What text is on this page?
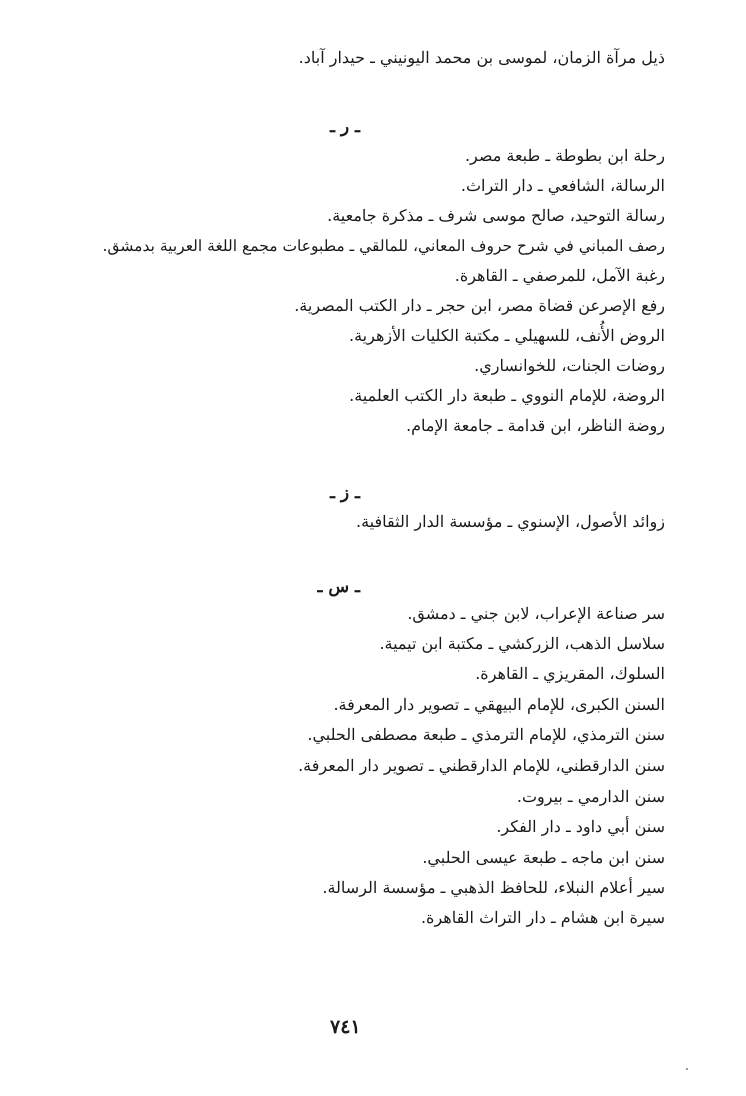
ذيل مرآة الزمان، لموسى بن محمد اليونيني ـ حيدار آباد.
ـ ر ـ
رحلة ابن بطوطة ـ طبعة مصر.
الرسالة، الشافعي ـ دار التراث.
رسالة التوحيد، صالح موسى شرف ـ مذكرة جامعية.
رصف المباني في شرح حروف المعاني، للمالقي ـ مطبوعات مجمع اللغة العربية بدمشق.
رغبة الآمل، للمرصفي ـ القاهرة.
رفع الإصرعن قضاة مصر، ابن حجر ـ دار الكتب المصرية.
الروض الأُنف، للسهيلي ـ مكتبة الكليات الأزهرية.
روضات الجنات، للخوانساري.
الروضة، للإمام النووي ـ طبعة دار الكتب العلمية.
روضة الناظر، ابن قدامة ـ جامعة الإمام.
ـ ز ـ
زوائد الأصول، الإسنوي ـ مؤسسة الدار الثقافية.
ـ س ـ
سر صناعة الإعراب، لابن جني ـ دمشق.
سلاسل الذهب، الزركشي ـ مكتبة ابن تيمية.
السلوك، المقريزي ـ القاهرة.
السنن الكبرى، للإمام البيهقي ـ تصوير دار المعرفة.
سنن الترمذي، للإمام الترمذي ـ طبعة مصطفى الحلبي.
سنن الدارقطني، للإمام الدارقطني ـ تصوير دار المعرفة.
سنن الدارمي ـ بيروت.
سنن أبي داود ـ دار الفكر.
سنن ابن ماجه ـ طبعة عيسى الحلبي.
سير أعلام النبلاء، للحافظ الذهبي ـ مؤسسة الرسالة.
سيرة ابن هشام ـ دار التراث القاهرة.
٧٤١
